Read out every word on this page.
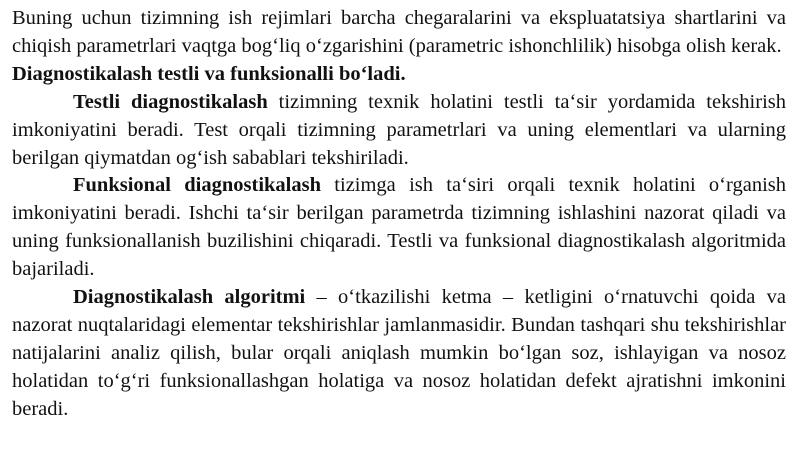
Buning uchun tizimning ish rejimlari barcha chegaralarini va ekspluatatsiya shartlarini va chiqish parametrlari vaqtga bog‘liq o‘zgarishini (parametric ishonchlilik) hisobga olish kerak.

Diagnostikalash testli va funksionalli bo‘ladi.

Testli diagnostikalash tizimning texnik holatini testli ta‘sir yordamida tekshirish imkoniyatini beradi. Test orqali tizimning parametrlari va uning elementlari va ularning berilgan qiymatdan og‘ish sabablari tekshiriladi.

Funksional diagnostikalash tizimga ish ta‘siri orqali texnik holatini o‘rganish imkoniyatini beradi. Ishchi ta‘sir berilgan parametrda tizimning ishlashini nazorat qiladi va uning funksionallanish buzilishini chiqaradi. Testli va funksional diagnostikalash algoritmida bajariladi.

Diagnostikalash algoritmi – o‘tkazilishi ketma – ketligini o‘rnatuvchi qoida va nazorat nuqtalaridagi elementar tekshirishlar jamlanmasidir. Bundan tashqari shu tekshirishlar natijalarini analiz qilish, bular orqali aniqlash mumkin bo‘lgan soz, ishlayigan va nosoz holatidan to‘g‘ri funksionallashgan holatiga va nosoz holatidan defekt ajratishni imkonini beradi.
